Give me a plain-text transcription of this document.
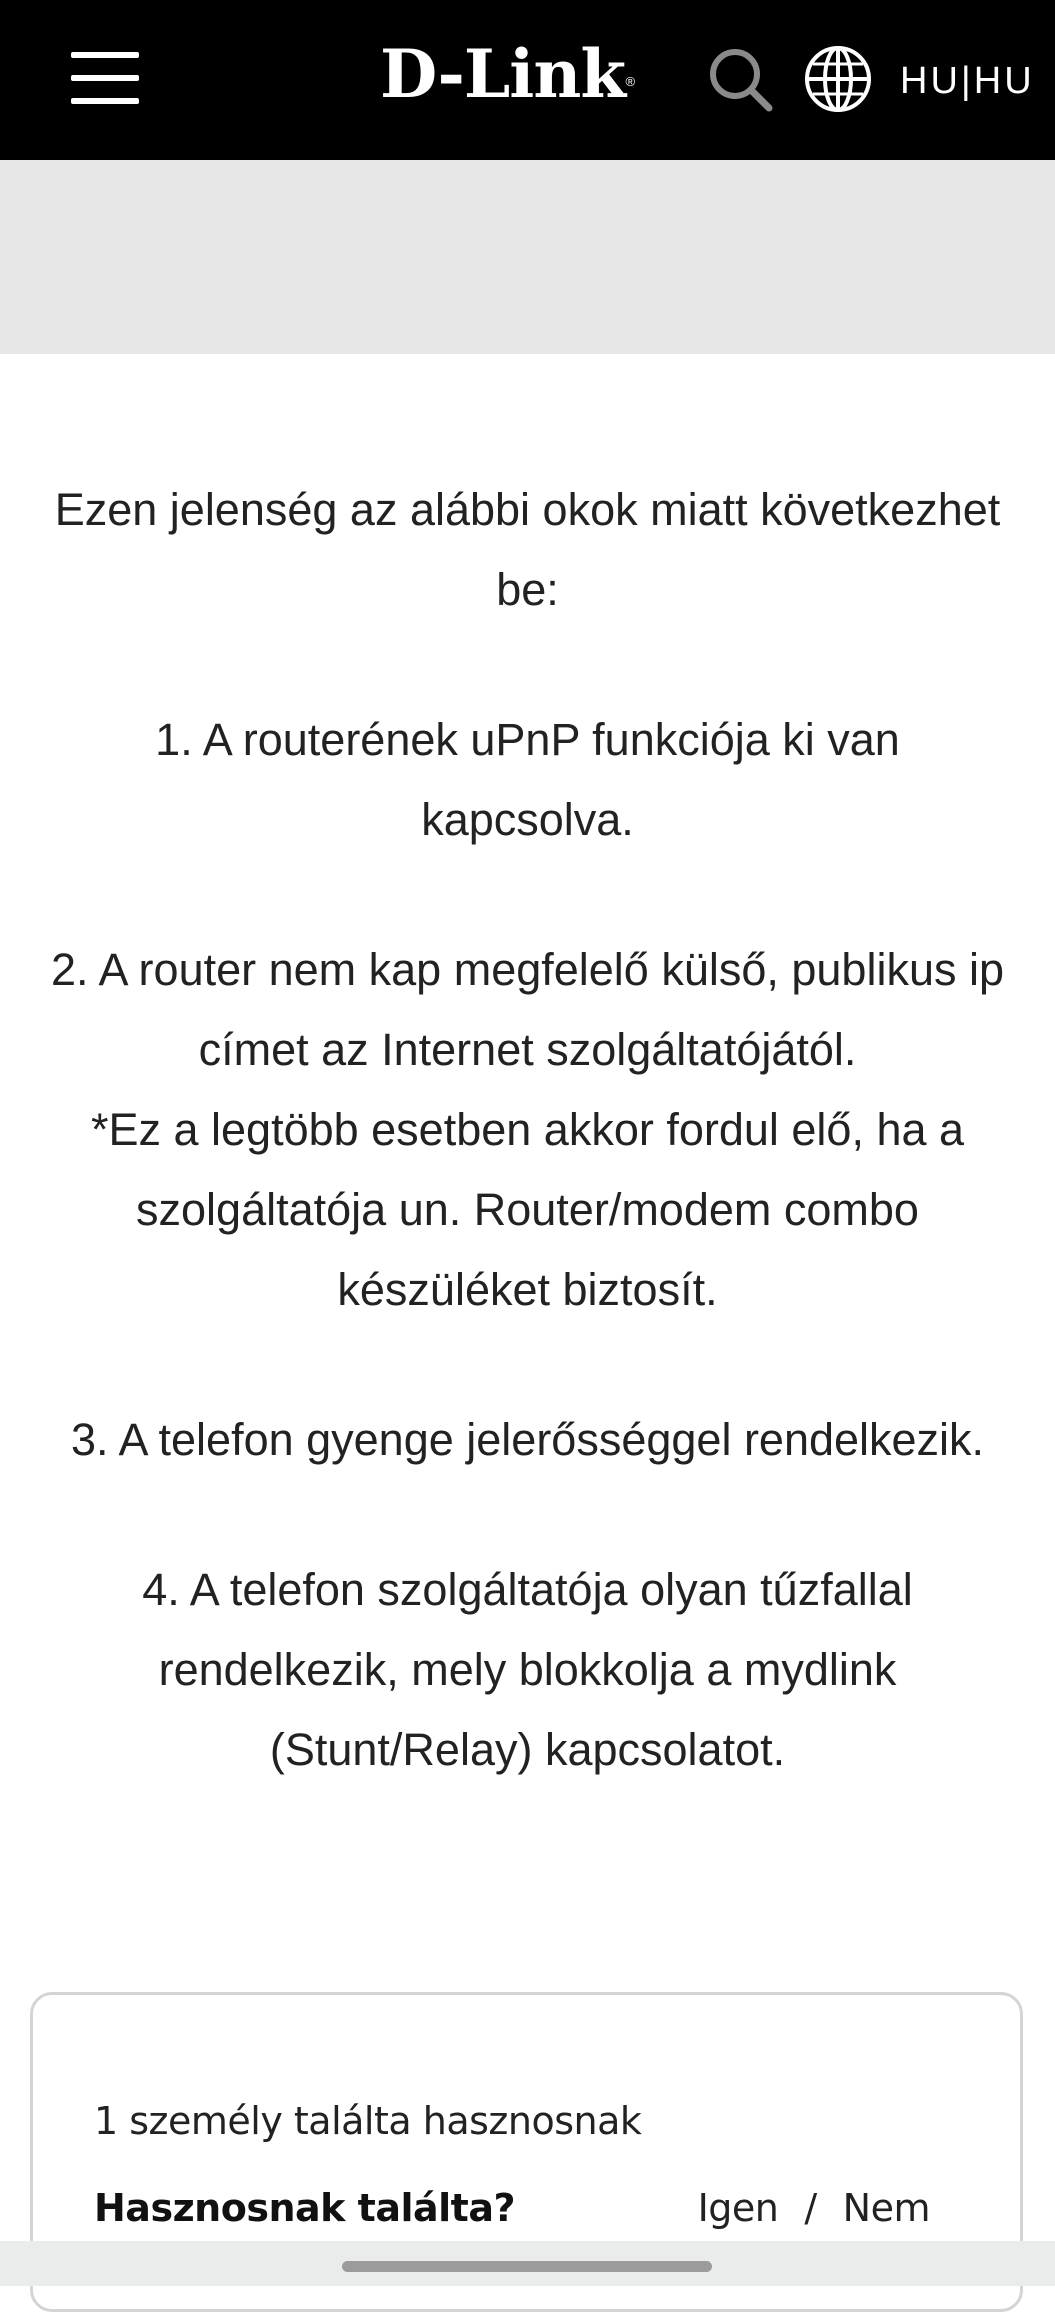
D-Link ®	HU|HU

Ezen jelenség az alábbi okok miatt következhet
be:

1. A routerének uPnP funkciója ki van
kapcsolva.

2. A router nem kap megfelelő külső, publikus ip
címet az Internet szolgáltatójától.
*Ez a legtöbb esetben akkor fordul elő, ha a
szolgáltatója un. Router/modem combo
készüléket biztosít.

3. A telefon gyenge jelerősséggel rendelkezik.

4. A telefon szolgáltatója olyan tűzfallal
rendelkezik, mely blokkolja a mydlink
(Stunt/Relay) kapcsolatot.

1 személy találta hasznosnak
Hasznosnak találta?	Igen / Nem
